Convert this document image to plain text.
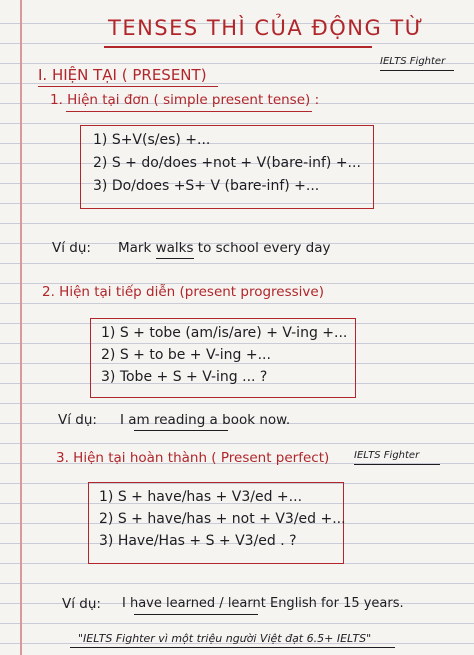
TENSES THÌ CỦA ĐỘNG TỪ
IELTS Fighter
I. HIỆN TẠI ( PRESENT)
1. Hiện tại đơn ( simple present tense) :
1) S+V(s/es) +...
2) S + do/does +not + V(bare-inf) +...
3) Do/does +S+ V (bare-inf) +...
Ví dụ: Mark walks to school every day
2. Hiện tại tiếp diễn (present progressive)
1) S + tobe (am/is/are) + V-ing +...
2) S + to be + V-ing +...
3) Tobe + S + V-ing ... ?
Ví dụ: I am reading a book now.
3. Hiện tại hoàn thành ( Present perfect) IELTS Fighter
1) S + have/has + V3/ed +...
2) S + have/has + not + V3/ed +...
3) Have/Has + S + V3/ed . ?
Ví dụ: I have learned / learnt English for 15 years.
"IELTS Fighter vì một triệu người Việt đạt 6.5+ IELTS"
